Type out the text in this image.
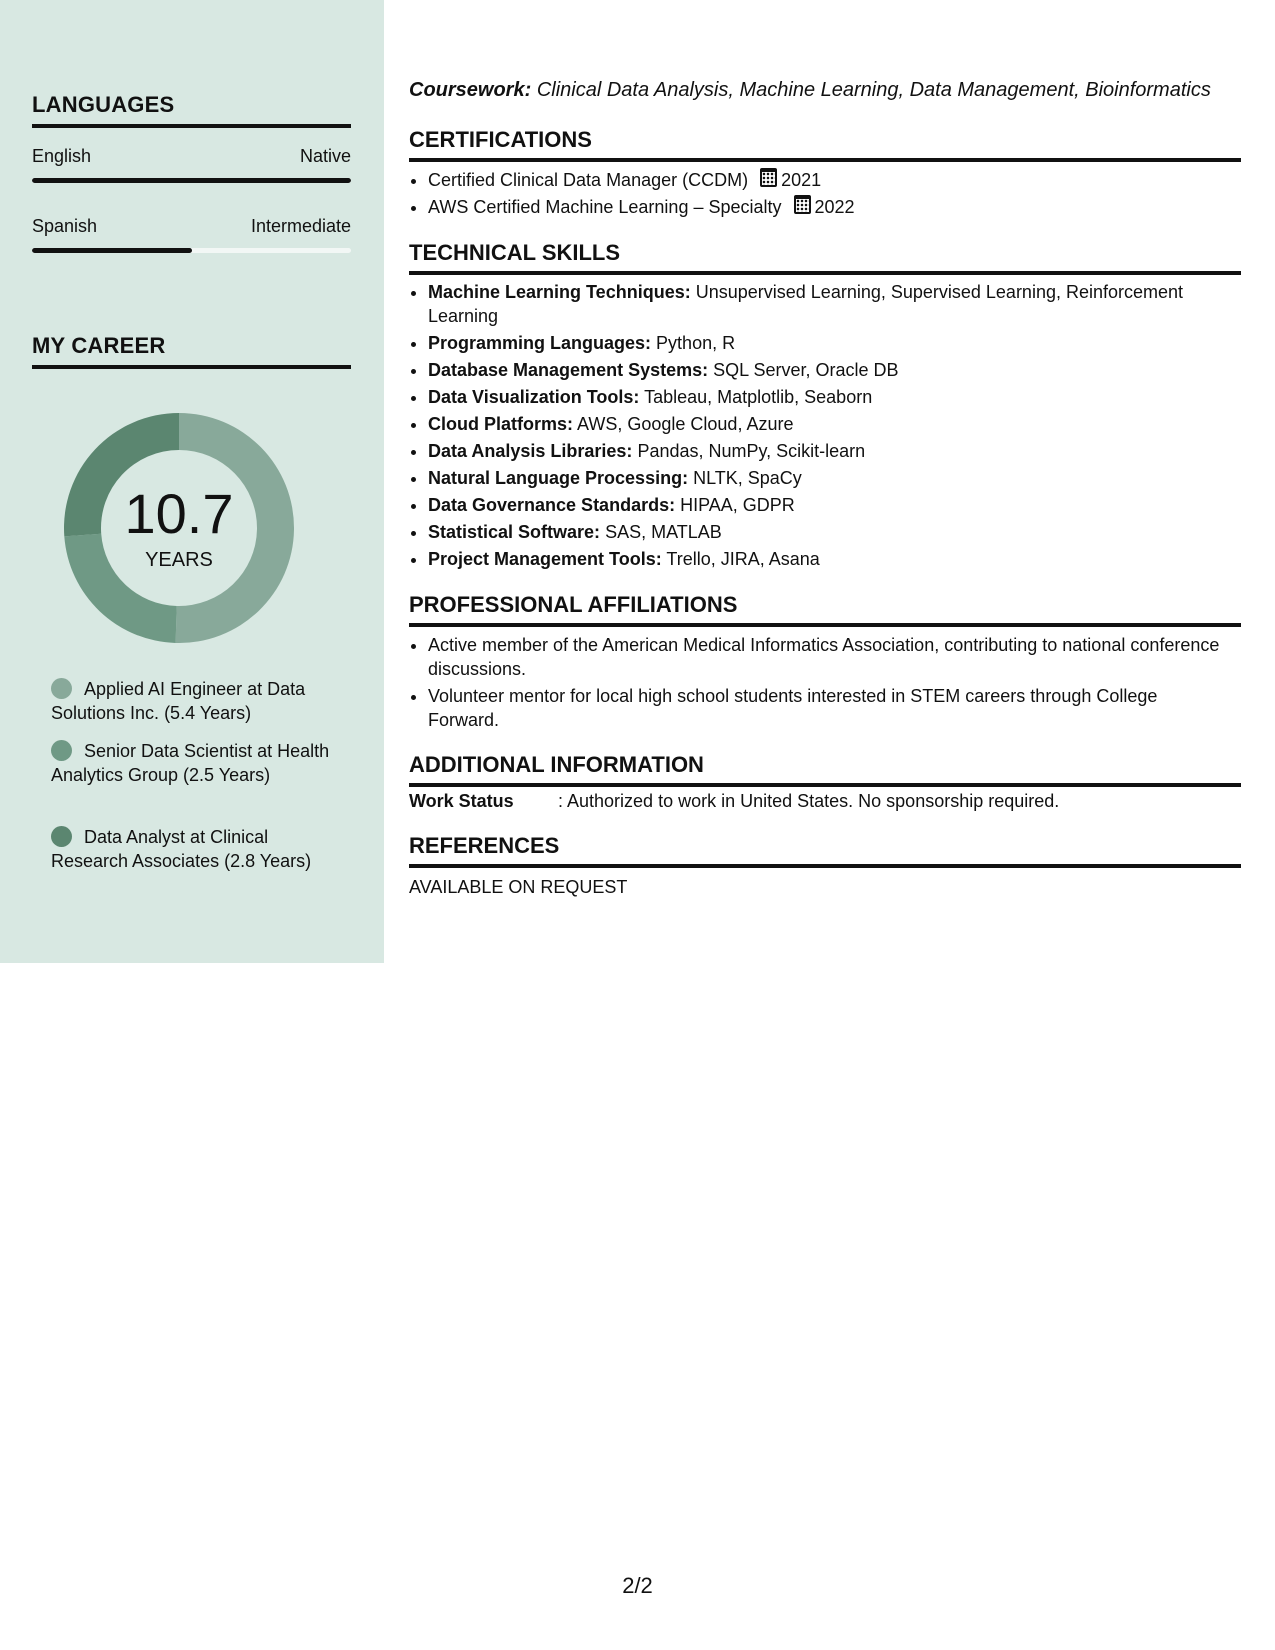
LANGUAGES
English	Native
Spanish	Intermediate
MY CAREER
10.7
YEARS
Applied AI Engineer at Data Solutions Inc. (5.4 Years)
Senior Data Scientist at Health Analytics Group (2.5 Years)
Data Analyst at Clinical Research Associates (2.8 Years)
Coursework: Clinical Data Analysis, Machine Learning, Data Management, Bioinformatics
CERTIFICATIONS
• Certified Clinical Data Manager (CCDM) 2021
• AWS Certified Machine Learning – Specialty 2022
TECHNICAL SKILLS
• Machine Learning Techniques: Unsupervised Learning, Supervised Learning, Reinforcement Learning
• Programming Languages: Python, R
• Database Management Systems: SQL Server, Oracle DB
• Data Visualization Tools: Tableau, Matplotlib, Seaborn
• Cloud Platforms: AWS, Google Cloud, Azure
• Data Analysis Libraries: Pandas, NumPy, Scikit-learn
• Natural Language Processing: NLTK, SpaCy
• Data Governance Standards: HIPAA, GDPR
• Statistical Software: SAS, MATLAB
• Project Management Tools: Trello, JIRA, Asana
PROFESSIONAL AFFILIATIONS
• Active member of the American Medical Informatics Association, contributing to national conference discussions.
• Volunteer mentor for local high school students interested in STEM careers through College Forward.
ADDITIONAL INFORMATION
Work Status : Authorized to work in United States. No sponsorship required.
REFERENCES
AVAILABLE ON REQUEST
2/2
